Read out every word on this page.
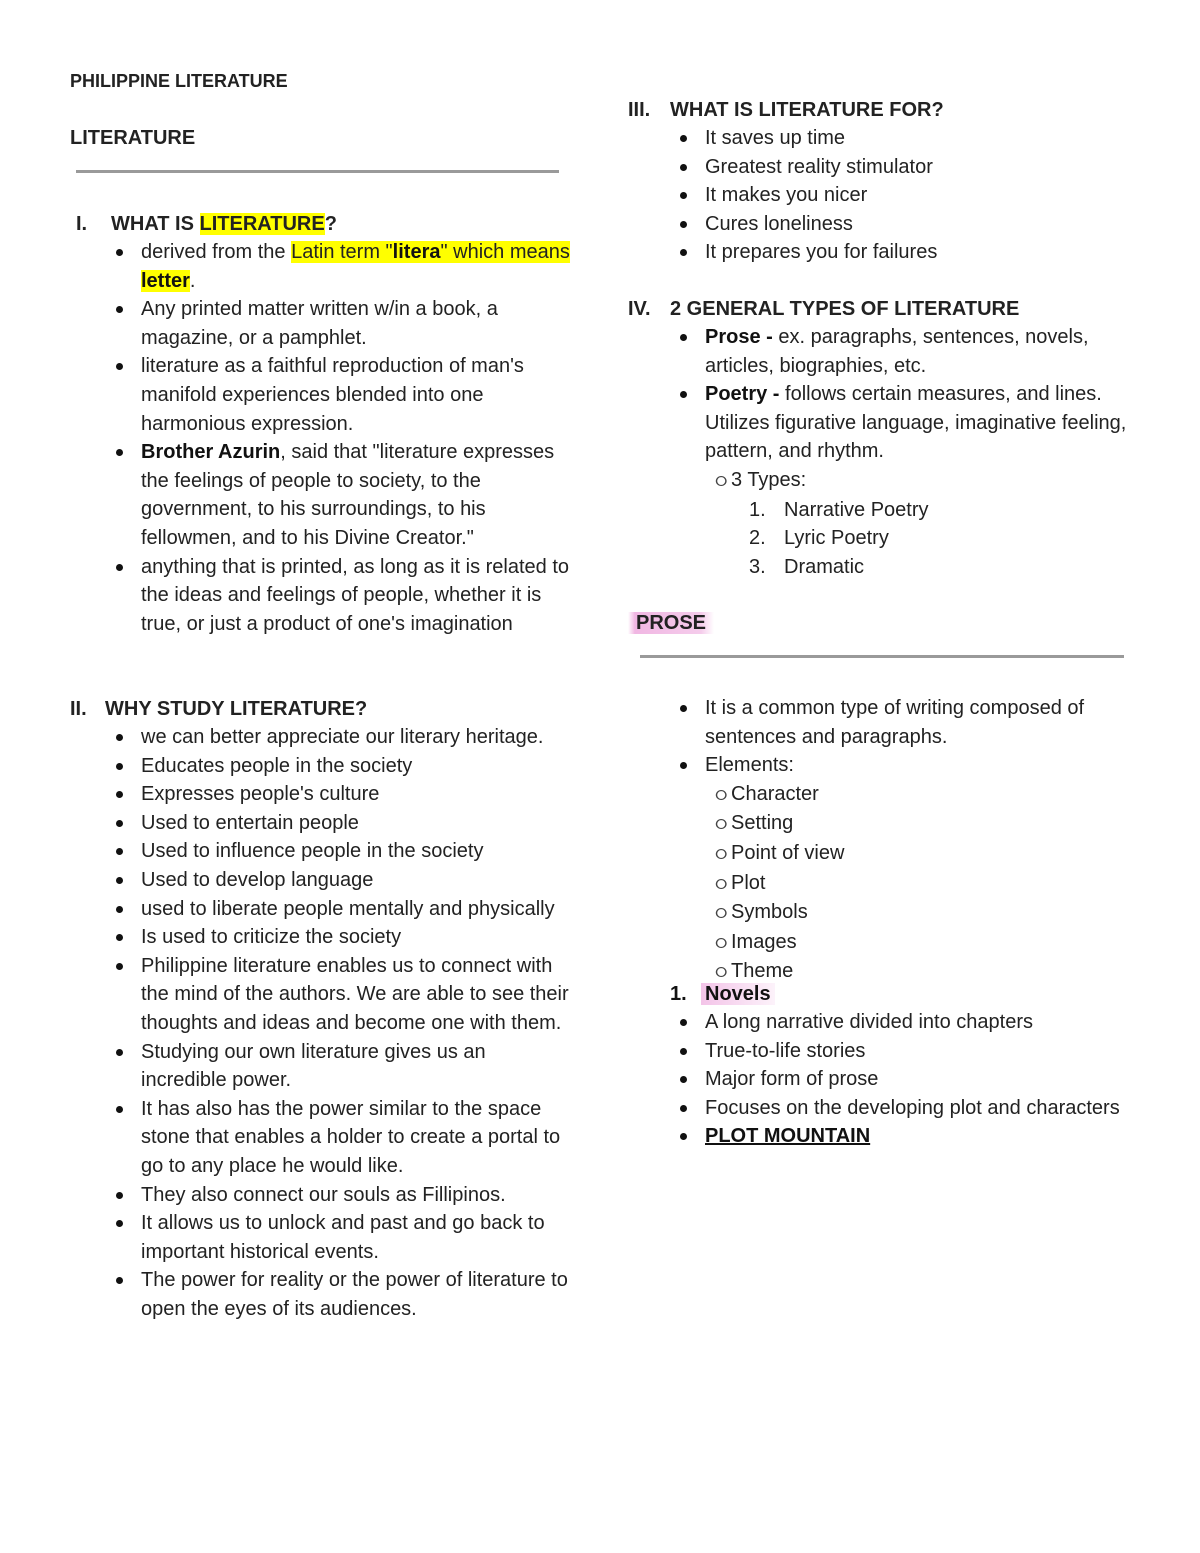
PHILIPPINE LITERATURE
LITERATURE
I. WHAT IS LITERATURE?
derived from the Latin term "litera" which means letter.
Any printed matter written w/in a book, a magazine, or a pamphlet.
literature as a faithful reproduction of man's manifold experiences blended into one harmonious expression.
Brother Azurin, said that "literature expresses the feelings of people to society, to the government, to his surroundings, to his fellowmen, and to his Divine Creator."
anything that is printed, as long as it is related to the ideas and feelings of people, whether it is true, or just a product of one's imagination
II. WHY STUDY LITERATURE?
we can better appreciate our literary heritage.
Educates people in the society
Expresses people's culture
Used to entertain people
Used to influence people in the society
Used to develop language
used to liberate people mentally and physically
Is used to criticize the society
Philippine literature enables us to connect with the mind of the authors. We are able to see their thoughts and ideas and become one with them.
Studying our own literature gives us an incredible power.
It has also has the power similar to the space stone that enables a holder to create a portal to go to any place he would like.
They also connect our souls as Fillipinos.
It allows us to unlock and past and go back to important historical events.
The power for reality or the power of literature to open the eyes of its audiences.
III. WHAT IS LITERATURE FOR?
It saves up time
Greatest reality stimulator
It makes you nicer
Cures loneliness
It prepares you for failures
IV. 2 GENERAL TYPES OF LITERATURE
Prose - ex. paragraphs, sentences, novels, articles, biographies, etc.
Poetry - follows certain measures, and lines. Utilizes figurative language, imaginative feeling, pattern, and rhythm.
ⵔ 3 Types:
1. Narrative Poetry
2. Lyric Poetry
3. Dramatic
PROSE
It is a common type of writing composed of sentences and paragraphs.
Elements:
ⵔ Character
ⵔ Setting
ⵔ Point of view
ⵔ Plot
ⵔ Symbols
ⵔ Images
ⵔ Theme
1. Novels
A long narrative divided into chapters
True-to-life stories
Major form of prose
Focuses on the developing plot and characters
PLOT MOUNTAIN
